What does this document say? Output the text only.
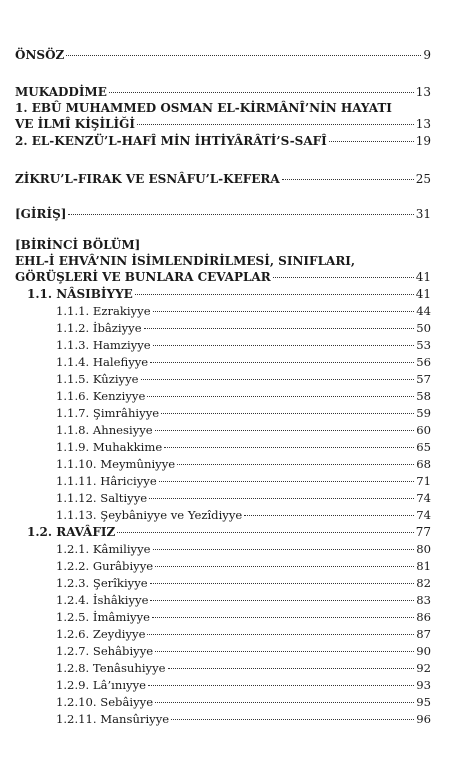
ÖNSÖZ	9
MUKADDİME	13
1. EBÛ MUHAMMED OSMAN EL-KİRMÂNÎ’NİN HAYATI
VE İLMÎ KİŞİLİĞİ	13
2. EL-KENZÜ’L-HAFÎ MİN İHTİYÂRÂTİ’S-SAFÎ	19
ZİKRU’L-FIRAK VE ESNÂFU’L-KEFERA	25
[GİRİŞ]	31
[BİRİNCİ BÖLÜM]
EHL-İ EHVÂ’NIN İSİMLENDİRİLMESİ, SINIFLARI,
GÖRÜŞLERİ VE BUNLARA CEVAPLAR	41
1.1. NÂSIBİYYE	41
1.1.1. Ezrakiyye	44
1.1.2. İbâziyye	50
1.1.3. Hamziyye	53
1.1.4. Halefiyye	56
1.1.5. Kûziyye	57
1.1.6. Kenziyye	58
1.1.7. Şimrâhiyye	59
1.1.8. Ahnesiyye	60
1.1.9. Muhakkime	65
1.1.10. Meymûniyye	68
1.1.11. Hâriciyye	71
1.1.12. Saltiyye	74
1.1.13. Şeybâniyye ve Yezîdiyye	74
1.2. RAVÂFIZ	77
1.2.1. Kâmiliyye	80
1.2.2. Gurâbiyye	81
1.2.3. Şerîkiyye	82
1.2.4. İshâkiyye	83
1.2.5. İmâmiyye	86
1.2.6. Zeydiyye	87
1.2.7. Sehâbiyye	90
1.2.8. Tenâsuhiyye	92
1.2.9. Lâ’ınıyye	93
1.2.10. Sebâiyye	95
1.2.11. Mansûriyye	96
